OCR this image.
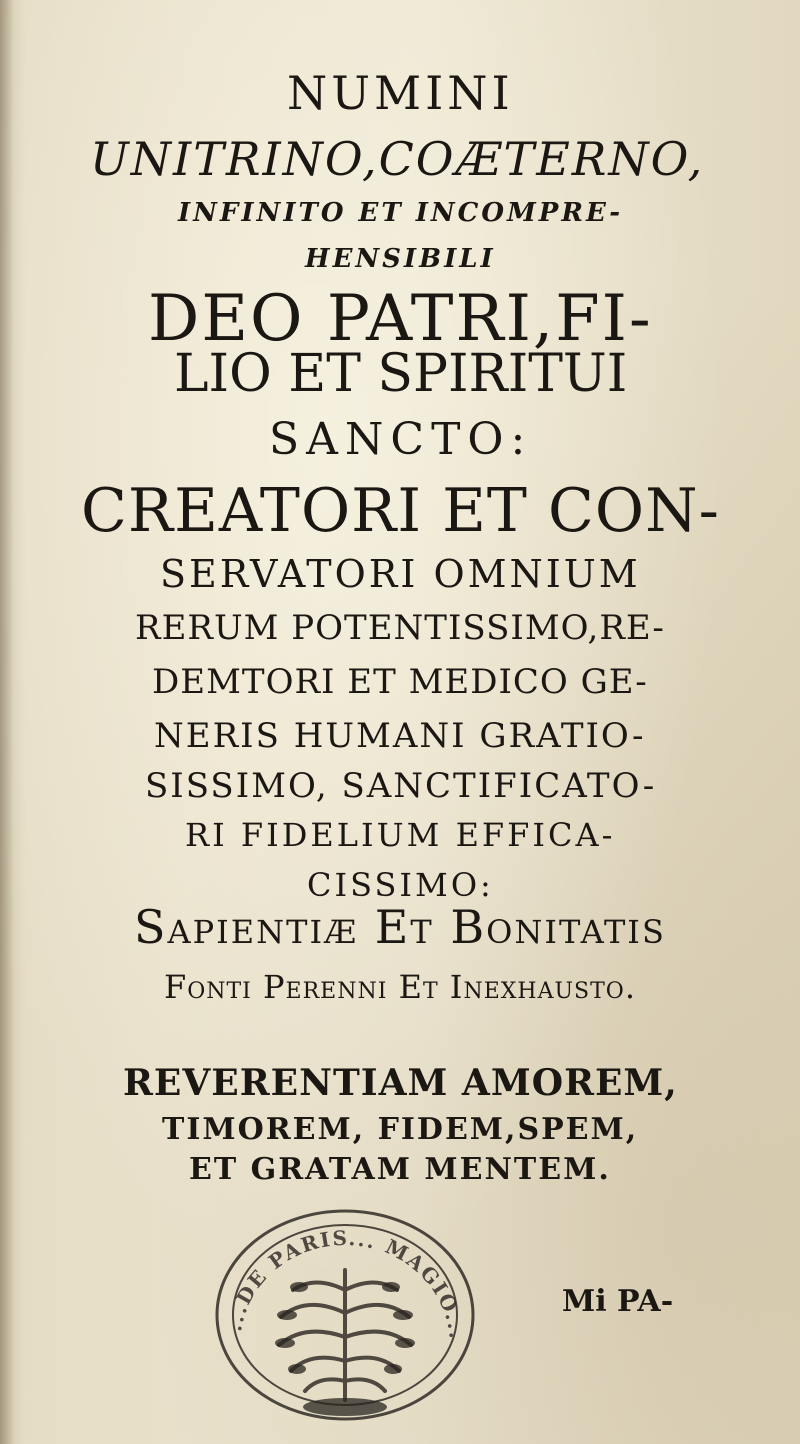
NUMINI
UNITRINO,COÆTERNO,
INFINITO ET INCOMPRE-
HENSIBILI
DEO PATRI,FI-
LIO ET SPIRITUI
SANCTO:
CREATORI ET CON-
SERVATORI OMNIUM
RERUM POTENTISSIMO,RE-
DEMTORI ET MEDICO GE-
NERIS HUMANI GRATIO-
SISSIMO, SANCTIFICATO-
RI FIDELIUM EFFICA-
CISSIMO:
Sapientiæ Et Bonitatis
Fonti Perenni Et Inexhausto.
REVERENTIAM AMOREM,
TIMOREM, FIDEM,SPEM,
ET GRATAM MENTEM.
...DE PARIS... MAGIO...
Mi PA-
